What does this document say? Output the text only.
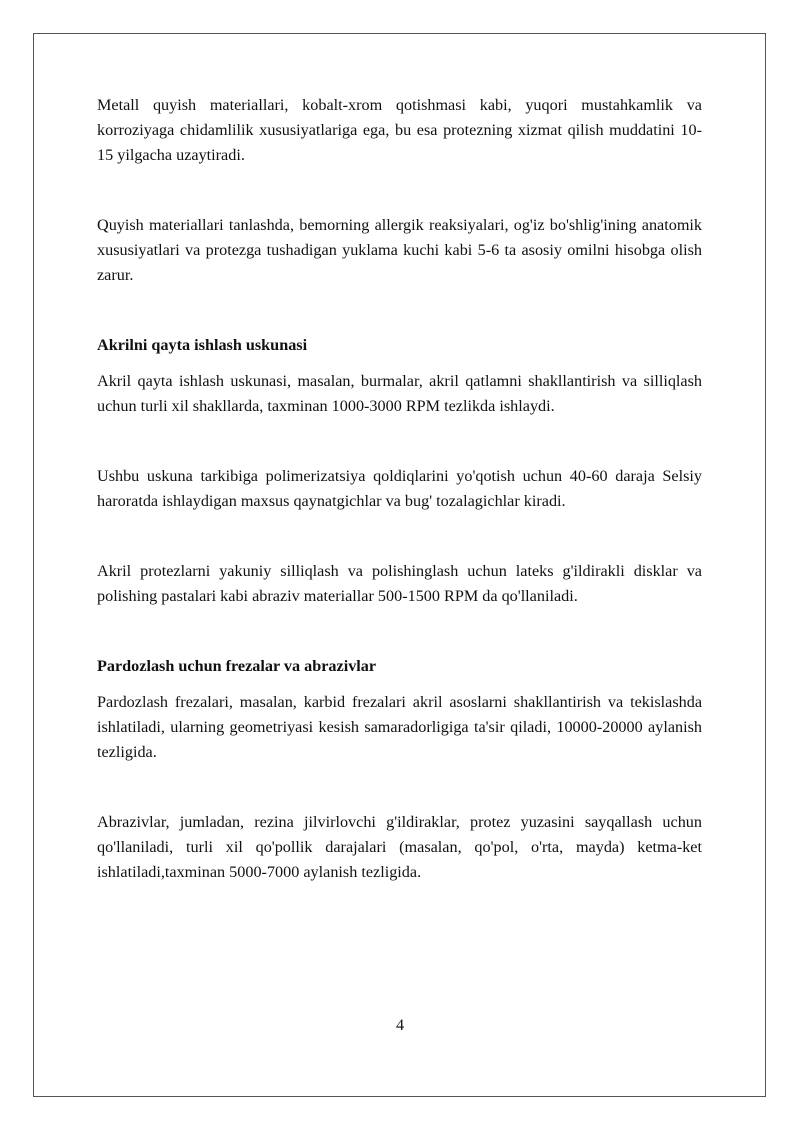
Metall quyish materiallari, kobalt-xrom qotishmasi kabi, yuqori mustahkamlik va korroziyaga chidamlilik xususiyatlariga ega, bu esa protezning xizmat qilish muddatini 10-15 yilgacha uzaytiradi.

Quyish materiallari tanlashda, bemorning allergik reaksiyalari, og'iz bo'shlig'ining anatomik xususiyatlari va protezga tushadigan yuklama kuchi kabi 5-6 ta asosiy omilni hisobga olish zarur.

Akrilni qayta ishlash uskunasi

Akril qayta ishlash uskunasi, masalan, burmalar, akril qatlamni shakllantirish va silliqlash uchun turli xil shakllarda, taxminan 1000-3000 RPM tezlikda ishlaydi.

Ushbu uskuna tarkibiga polimerizatsiya qoldiqlarini yo'qotish uchun 40-60 daraja Selsiy haroratda ishlaydigan maxsus qaynatgichlar va bug' tozalagichlar kiradi.

Akril protezlarni yakuniy silliqlash va polishinglash uchun lateks g'ildirakli disklar va polishing pastalari kabi abraziv materiallar 500-1500 RPM da qo'llaniladi.

Pardozlash uchun frezalar va abrazivlar

Pardozlash frezalari, masalan, karbid frezalari akril asoslarni shakllantirish va tekislashda ishlatiladi, ularning geometriyasi kesish samaradorligiga ta'sir qiladi, 10000-20000 aylanish tezligida.

Abrazivlar, jumladan, rezina jilvirlovchi g'ildiraklar, protez yuzasini sayqallash uchun qo'llaniladi, turli xil qo'pollik darajalari (masalan, qo'pol, o'rta, mayda) ketma-ket ishlatiladi,taxminan 5000-7000 aylanish tezligida.

4
